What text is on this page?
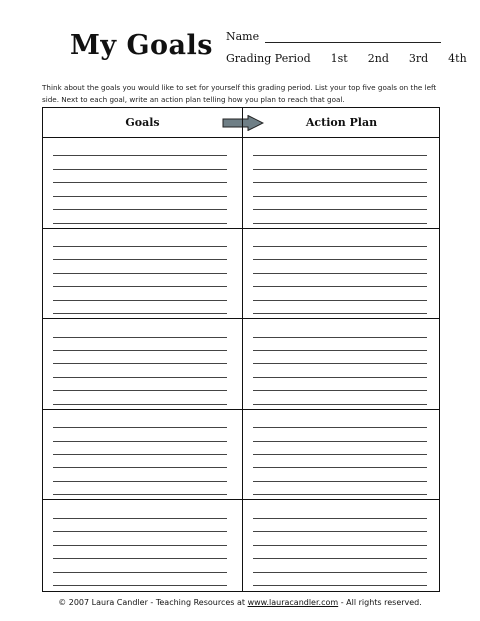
My Goals Name
Grading Period 1st 2nd 3rd 4th
Think about the goals you would like to set for yourself this grading period. List your top five goals on the left side. Next to each goal, write an action plan telling how you plan to reach that goal.
Goals	Action Plan
© 2007 Laura Candler - Teaching Resources at www.lauracandler.com - All rights reserved.
